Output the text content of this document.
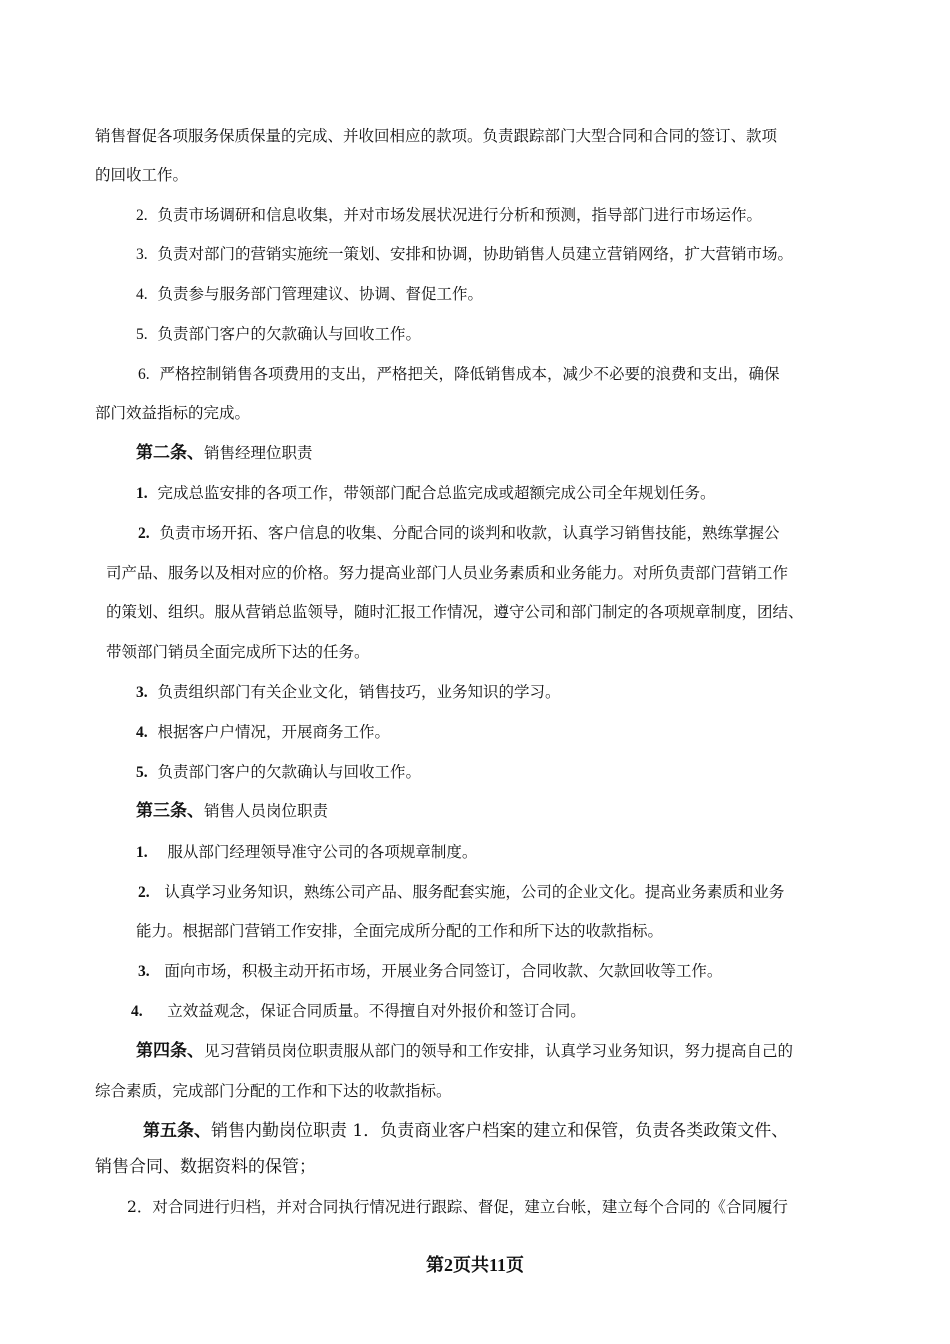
销售督促各项服务保质保量的完成、并收回相应的款项。负责跟踪部门大型合同和合同的签订、款项
的回收工作。
2. 负责市场调研和信息收集，并对市场发展状况进行分析和预测，指导部门进行市场运作。
3. 负责对部门的营销实施统一策划、安排和协调，协助销售人员建立营销网络，扩大营销市场。
4. 负责参与服务部门管理建议、协调、督促工作。
5. 负责部门客户的欠款确认与回收工作。
6. 严格控制销售各项费用的支出，严格把关，降低销售成本，减少不必要的浪费和支出，确保
部门效益指标的完成。
第二条、销售经理位职责
1. 完成总监安排的各项工作，带领部门配合总监完成或超额完成公司全年规划任务。
2. 负责市场开拓、客户信息的收集、分配合同的谈判和收款，认真学习销售技能，熟练掌握公
司产品、服务以及相对应的价格。努力提高业部门人员业务素质和业务能力。对所负责部门营销工作
的策划、组织。服从营销总监领导，随时汇报工作情况，遵守公司和部门制定的各项规章制度，团结、
带领部门销员全面完成所下达的任务。
3. 负责组织部门有关企业文化，销售技巧，业务知识的学习。
4. 根据客户户情况，开展商务工作。
5. 负责部门客户的欠款确认与回收工作。
第三条、销售人员岗位职责
1. 服从部门经理领导准守公司的各项规章制度。
2. 认真学习业务知识，熟练公司产品、服务配套实施，公司的企业文化。提高业务素质和业务
能力。根据部门营销工作安排，全面完成所分配的工作和所下达的收款指标。
3. 面向市场，积极主动开拓市场，开展业务合同签订，合同收款、欠款回收等工作。
4. 立效益观念，保证合同质量。不得擅自对外报价和签订合同。
第四条、见习营销员岗位职责服从部门的领导和工作安排，认真学习业务知识，努力提高自己的
综合素质，完成部门分配的工作和下达的收款指标。
第五条、销售内勤岗位职责 1．负责商业客户档案的建立和保管，负责各类政策文件、
销售合同、数据资料的保管；
2．对合同进行归档，并对合同执行情况进行跟踪、督促，建立台帐，建立每个合同的《合同履行
第2页共11页
